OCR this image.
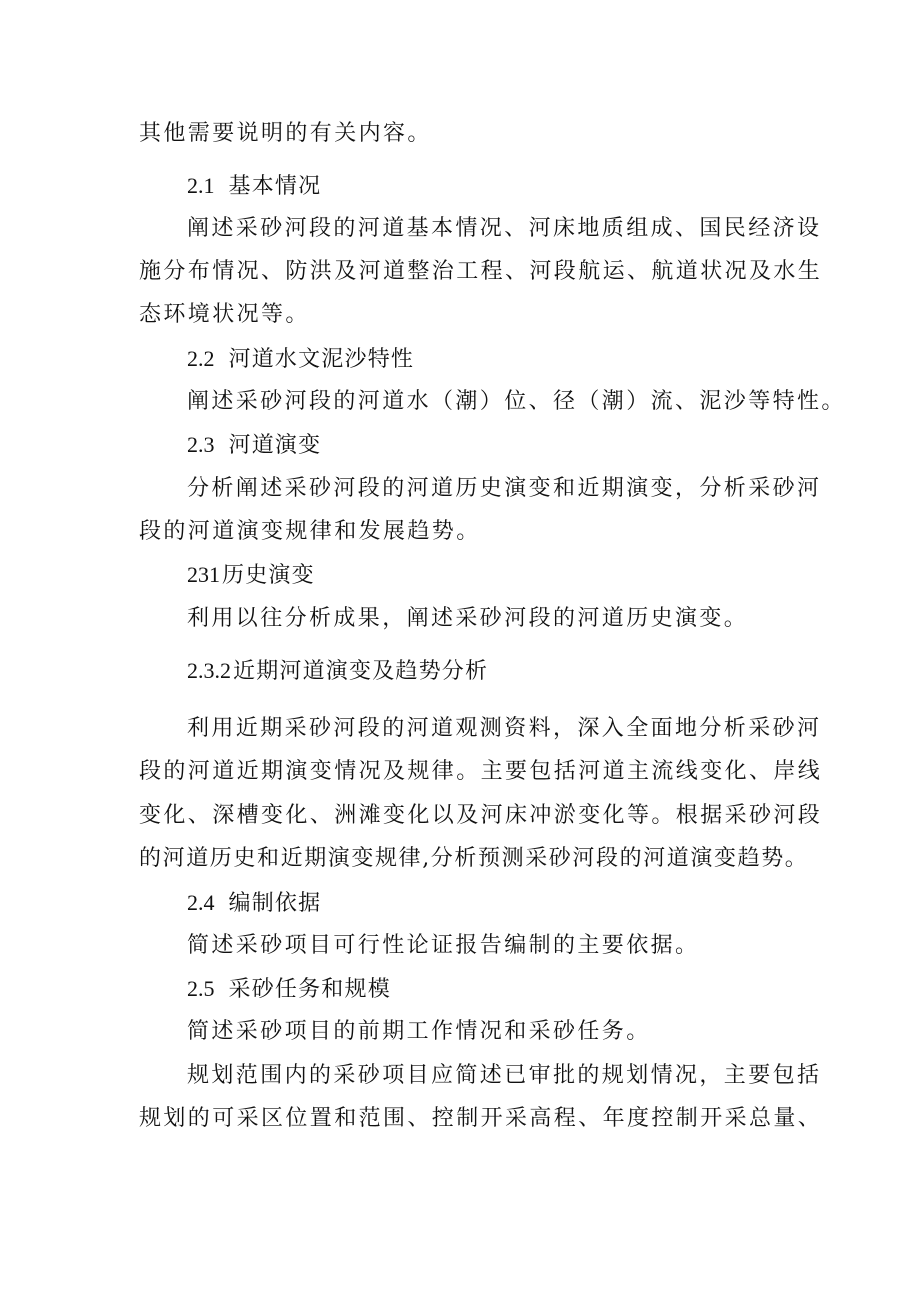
其他需要说明的有关内容。

2.1 基本情况

阐述采砂河段的河道基本情况、河床地质组成、国民经济设

施分布情况、防洪及河道整治工程、河段航运、航道状况及水生

态环境状况等。

2.2 河道水文泥沙特性

阐述采砂河段的河道水（潮）位、径（潮）流、泥沙等特性。

2.3 河道演变

分析阐述采砂河段的河道历史演变和近期演变，分析采砂河

段的河道演变规律和发展趋势。

231历史演变

利用以往分析成果，阐述采砂河段的河道历史演变。

2.3.2近期河道演变及趋势分析

利用近期采砂河段的河道观测资料，深入全面地分析采砂河

段的河道近期演变情况及规律。主要包括河道主流线变化、岸线

变化、深槽变化、洲滩变化以及河床冲淤变化等。根据采砂河段

的河道历史和近期演变规律,分析预测采砂河段的河道演变趋势。

2.4 编制依据

简述采砂项目可行性论证报告编制的主要依据。

2.5 采砂任务和规模

简述采砂项目的前期工作情况和采砂任务。

规划范围内的采砂项目应简述已审批的规划情况，主要包括

规划的可采区位置和范围、控制开采高程、年度控制开采总量、
